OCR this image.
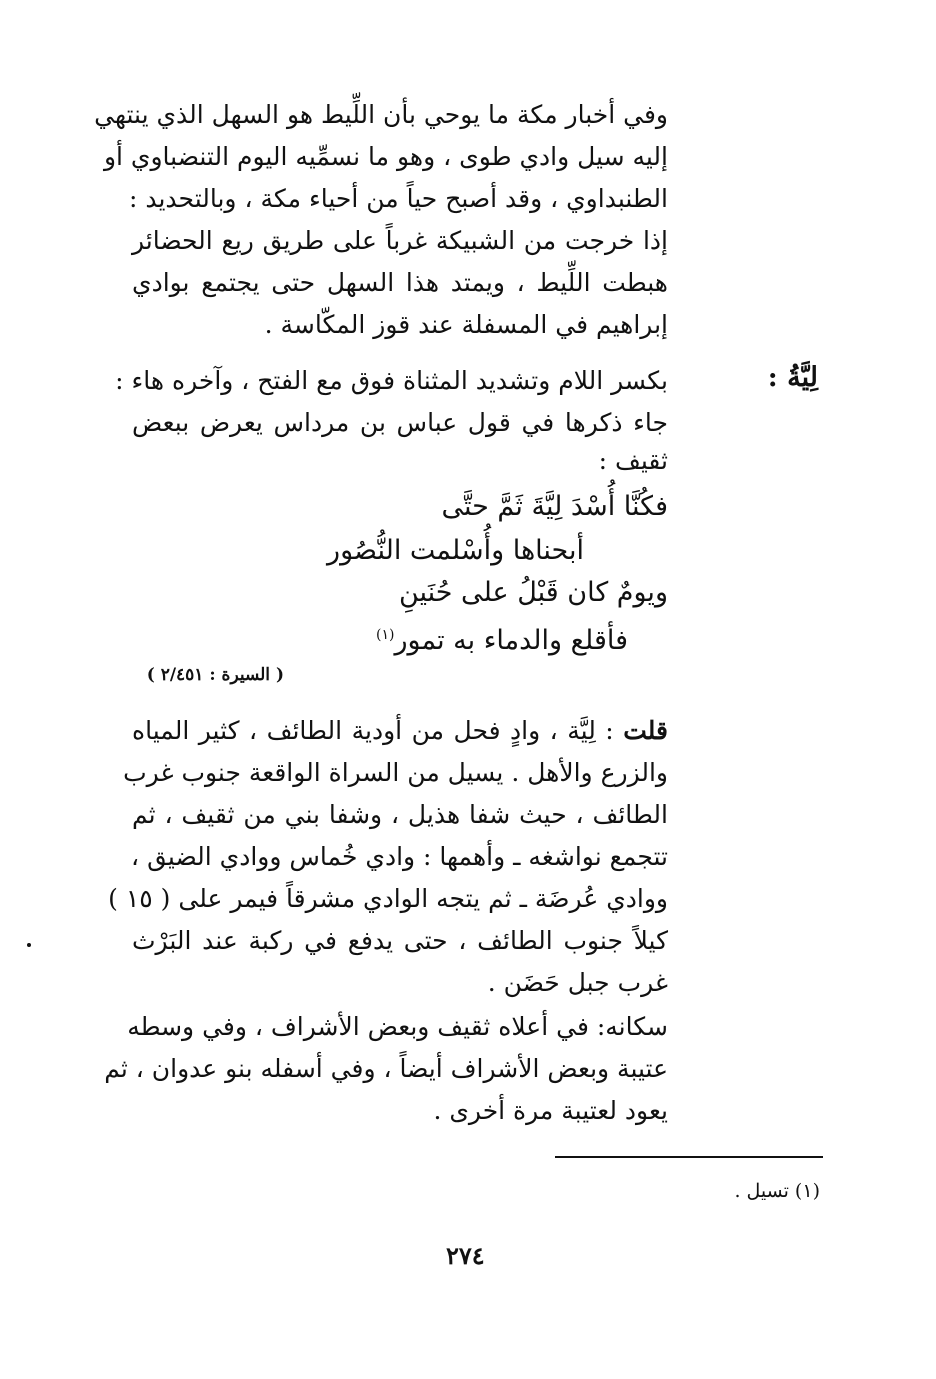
وفي أخبار مكة ما يوحي بأن اللِّيط هو السهل الذي ينتهي
إليه سيل وادي طوى ، وهو ما نسمِّيه اليوم التنضباوي أو
الطنبداوي ، وقد أصبح حياً من أحياء مكة ، وبالتحديد :
إذا خرجت من الشبيكة غرباً على طريق ريع الحضائر
هبطت اللِّيط ، ويمتد هذا السهل حتى يجتمع بوادي
إبراهيم في المسفلة عند قوز المكّاسة .
لِيَّةُ :
بكسر اللام وتشديد المثناة فوق مع الفتح ، وآخره هاء :
جاء ذكرها في قول عباس بن مرداس يعرض ببعض
ثقيف :
فكُنَّا أُسْدَ لِيَّةَ ثَمَّ حتَّى
أبحناها وأُسْلمت النُّصُور
ويومٌ كان قَبْلُ على حُنَينِ
فأقلع والدماء به تمور$^{(١)}$
( السيرة : ٢/٤٥١ )
قلت : لِيَّة ، وادٍ فحل من أودية الطائف ، كثير المياه
والزرع والأهل . يسيل من السراة الواقعة جنوب غرب
الطائف ، حيث شفا هذيل ، وشفا بني من ثقيف ، ثم
تتجمع نواشغه ـ وأهمها : وادي خُماس ووادي الضيق ،
ووادي عُرضَة ـ ثم يتجه الوادي مشرقاً فيمر على ( ١٥ )
كيلاً جنوب الطائف ، حتى يدفع في ركبة عند البَرْث
غرب جبل حَضَن .
سكانه: في أعلاه ثقيف وبعض الأشراف ، وفي وسطه
عتيبة وبعض الأشراف أيضاً ، وفي أسفله بنو عدوان ، ثم
يعود لعتيبة مرة أخرى .
(١) تسيل .
٢٧٤
